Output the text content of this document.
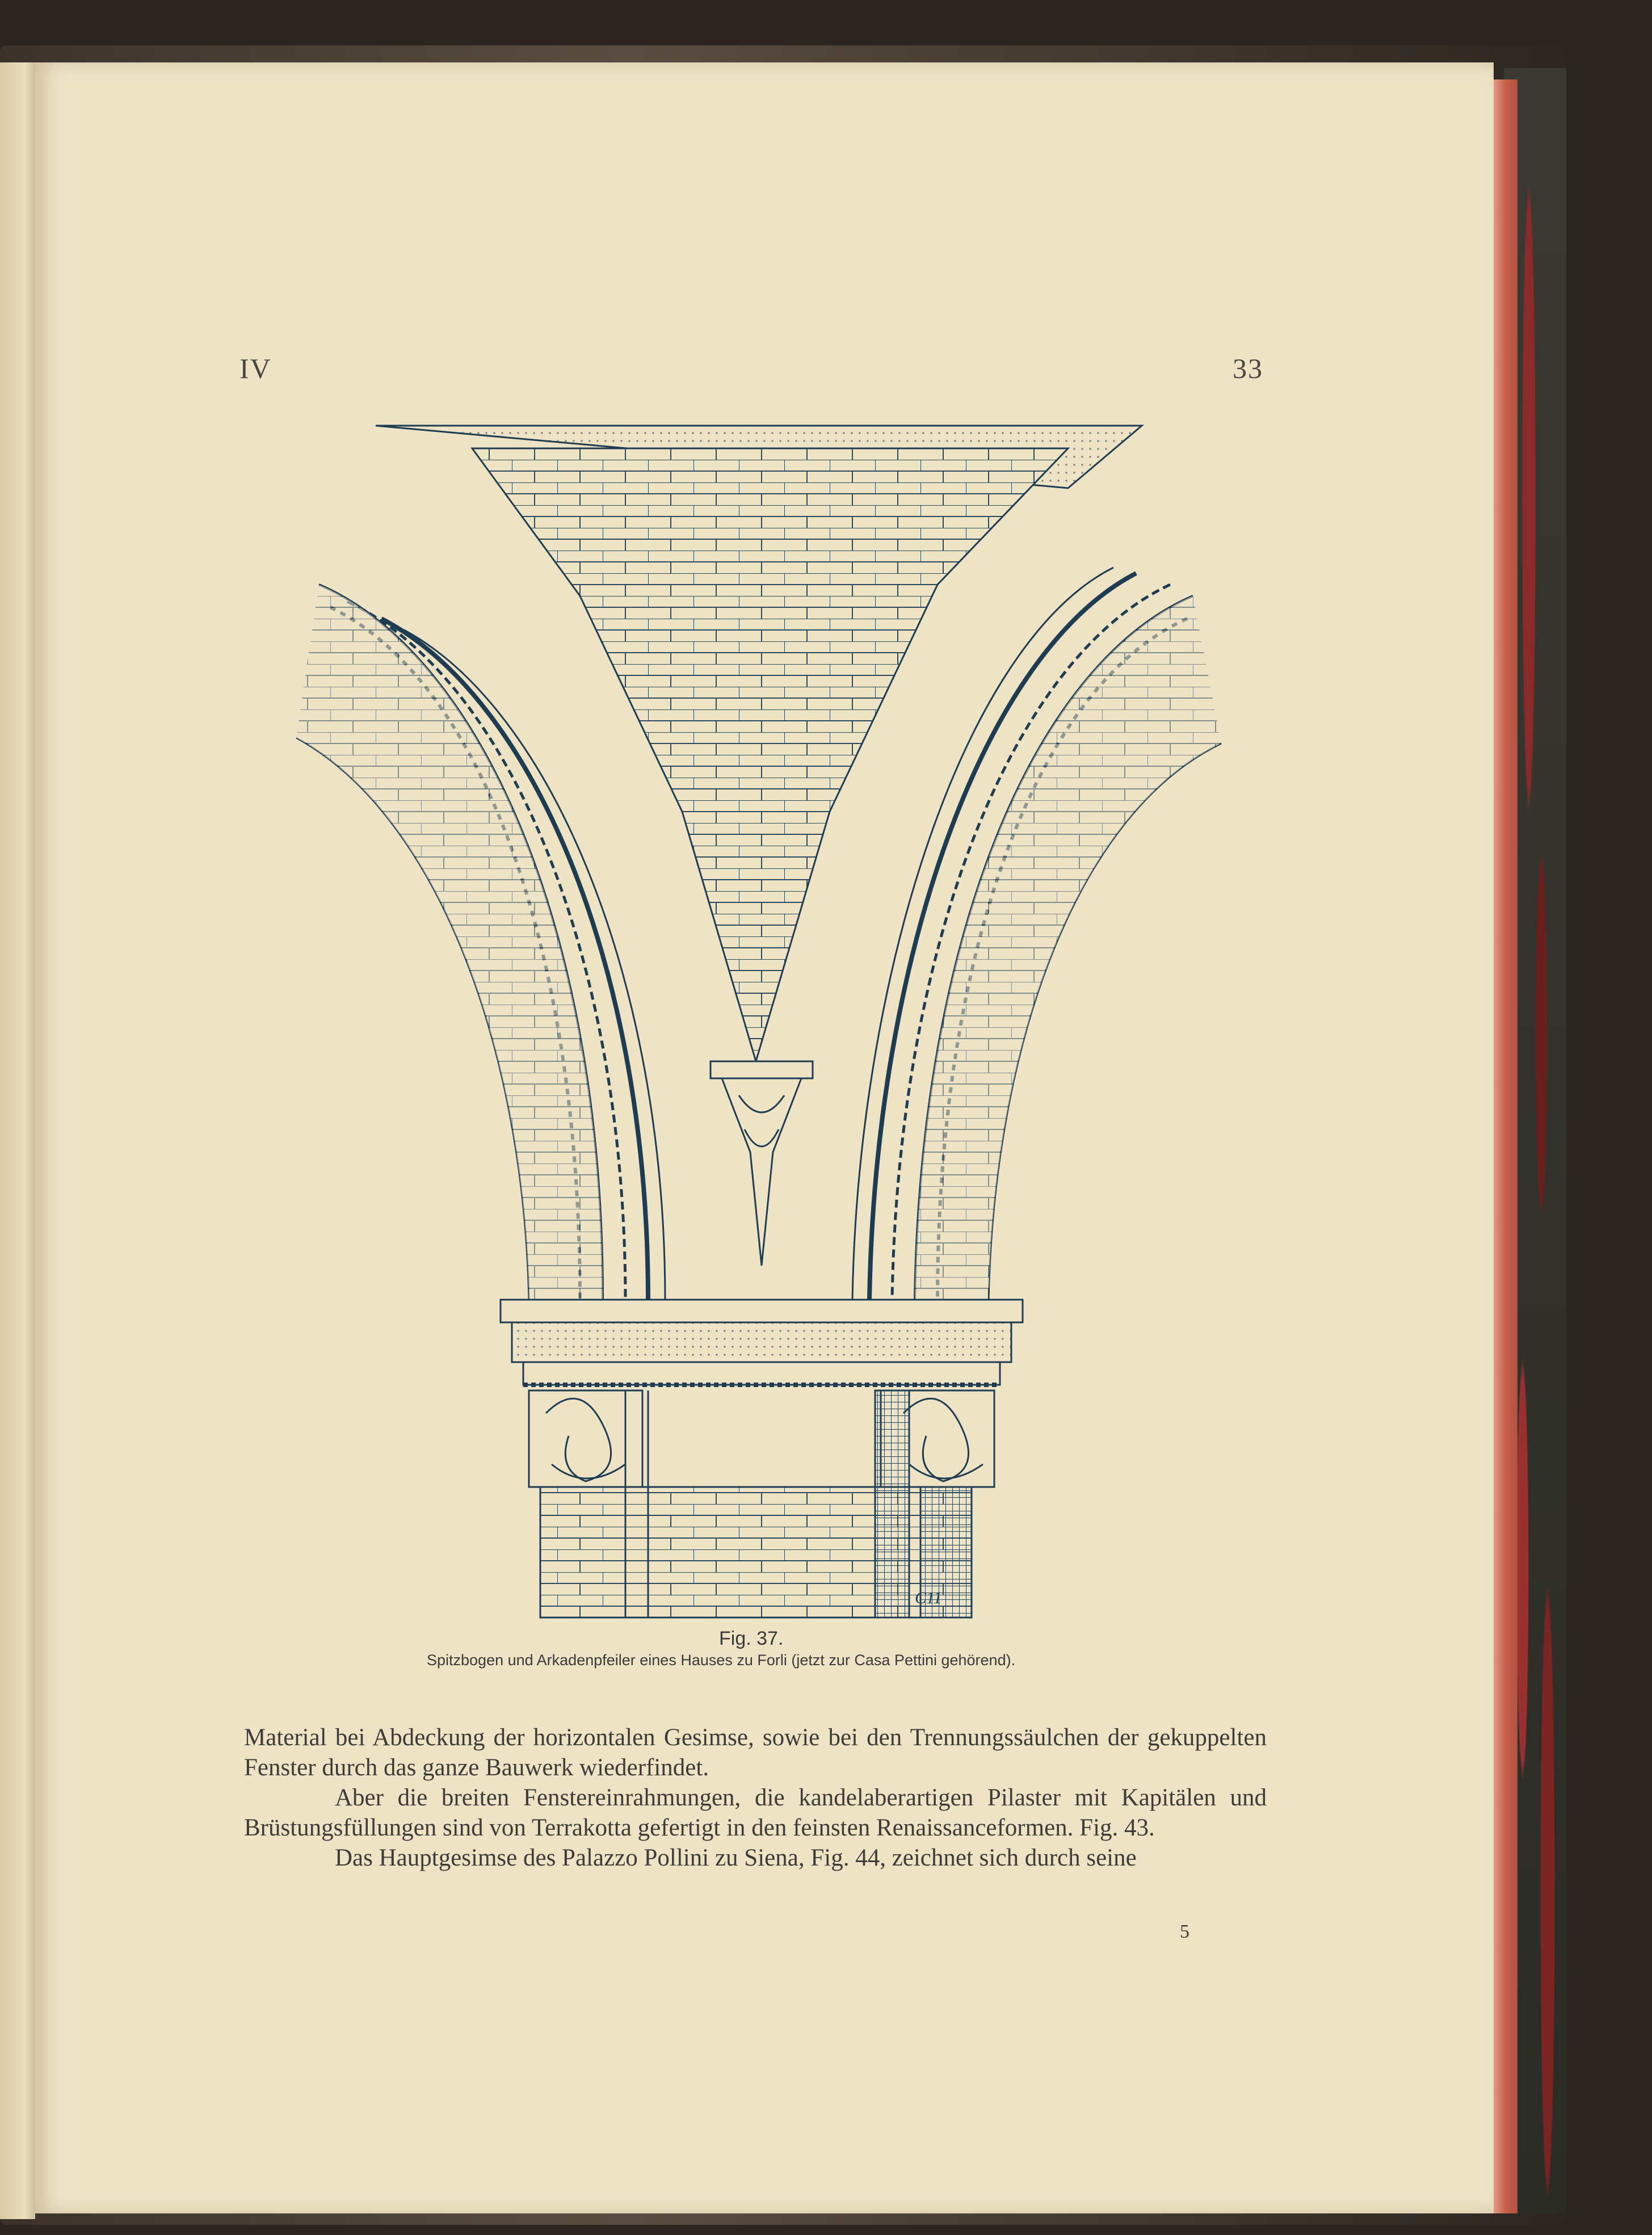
IV	33
C11
Fig. 37.
Spitzbogen und Arkadenpfeiler eines Hauses zu Forli (jetzt zur Casa Pettini gehörend).

Material bei Abdeckung der horizontalen Gesimse, sowie bei den Trennungssäulchen der gekuppelten Fenster durch das ganze Bauwerk wiederfindet.

Aber die breiten Fenstereinrahmungen, die kandelaberartigen Pilaster mit Kapitälen und Brüstungsfüllungen sind von Terrakotta gefertigt in den feinsten Renaissanceformen. Fig. 43.

Das Hauptgesimse des Palazzo Pollini zu Siena, Fig. 44, zeichnet sich durch seine

5
